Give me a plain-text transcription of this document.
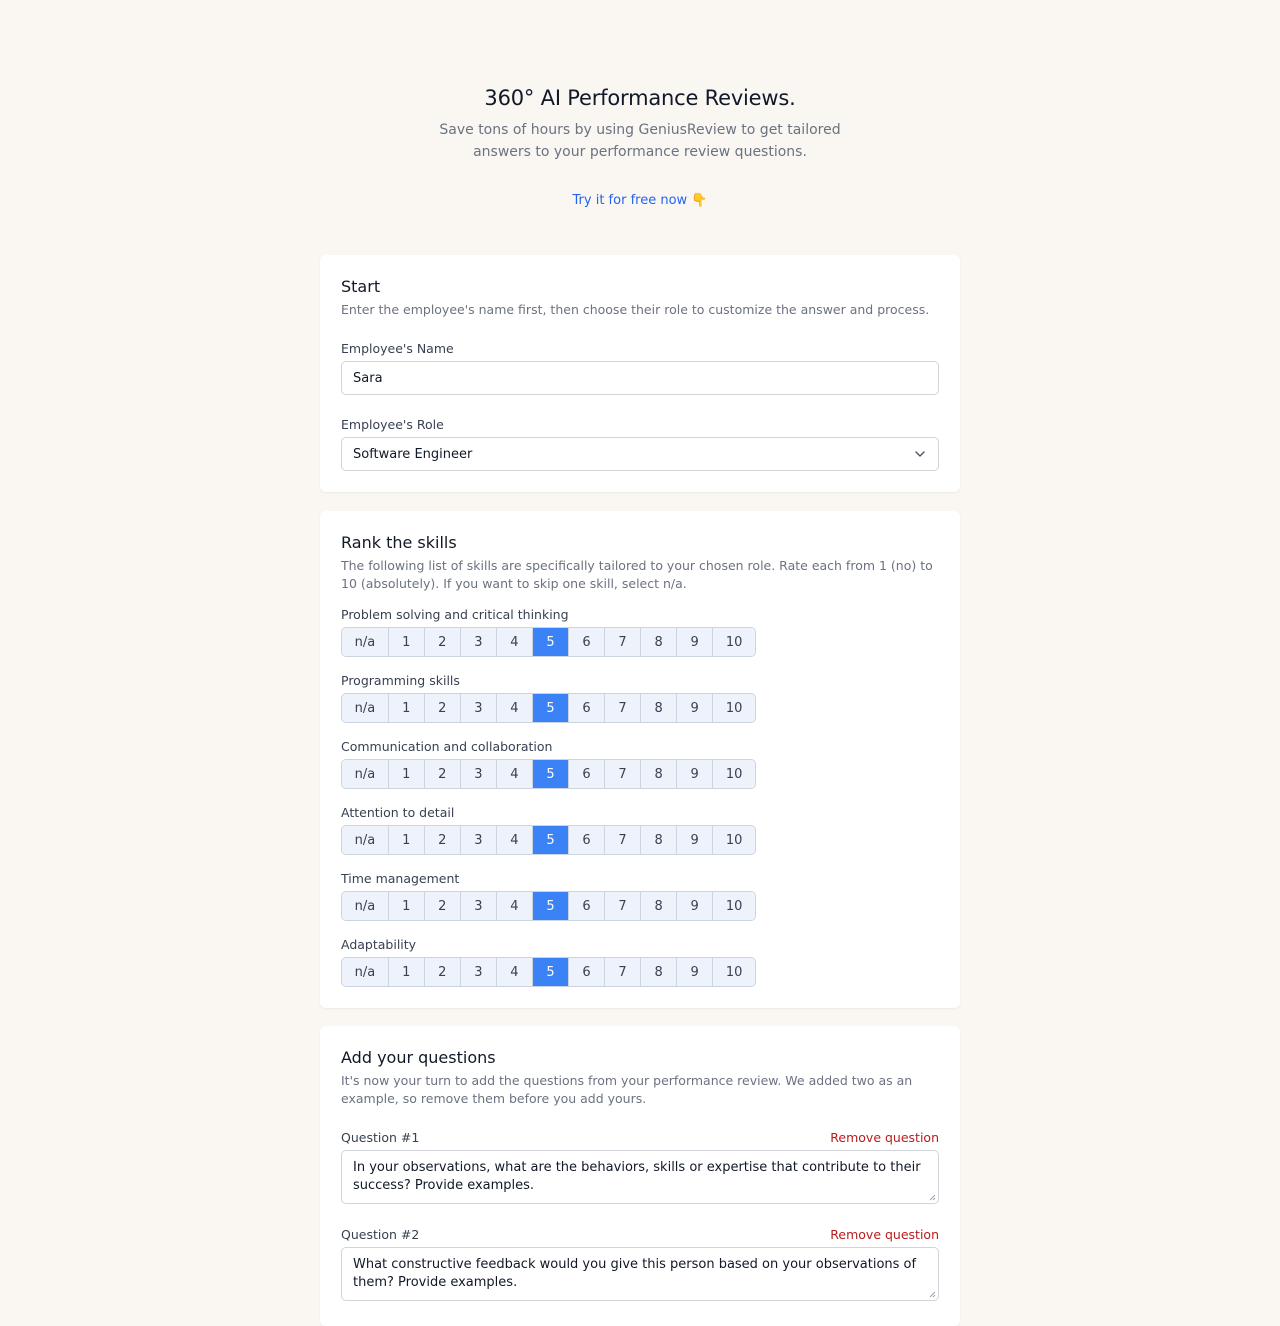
360° AI Performance Reviews.

Save tons of hours by using GeniusReview to get tailored answers to your performance review questions.

Try it for free now 👇
Start

Enter the employee's name first, then choose their role to customize the answer and process.

Employee's Name
Sara
Employee's Role
Software Engineer
Rank the skills

The following list of skills are specifically tailored to your chosen role. Rate each from 1 (no) to 10 (absolutely). If you want to skip one skill, select n/a.

Problem solving and critical thinking
n/a	1	2	3	4	5	6	7	8	9	10
Programming skills
n/a	1	2	3	4	5	6	7	8	9	10
Communication and collaboration
n/a	1	2	3	4	5	6	7	8	9	10
Attention to detail
n/a	1	2	3	4	5	6	7	8	9	10
Time management
n/a	1	2	3	4	5	6	7	8	9	10
Adaptability
n/a	1	2	3	4	5	6	7	8	9	10
Add your questions

It's now your turn to add the questions from your performance review. We added two as an example, so remove them before you add yours.

Question #1	Remove question
In your observations, what are the behaviors, skills or expertise that contribute to their success? Provide examples.
Question #2	Remove question
What constructive feedback would you give this person based on your observations of them? Provide examples.
